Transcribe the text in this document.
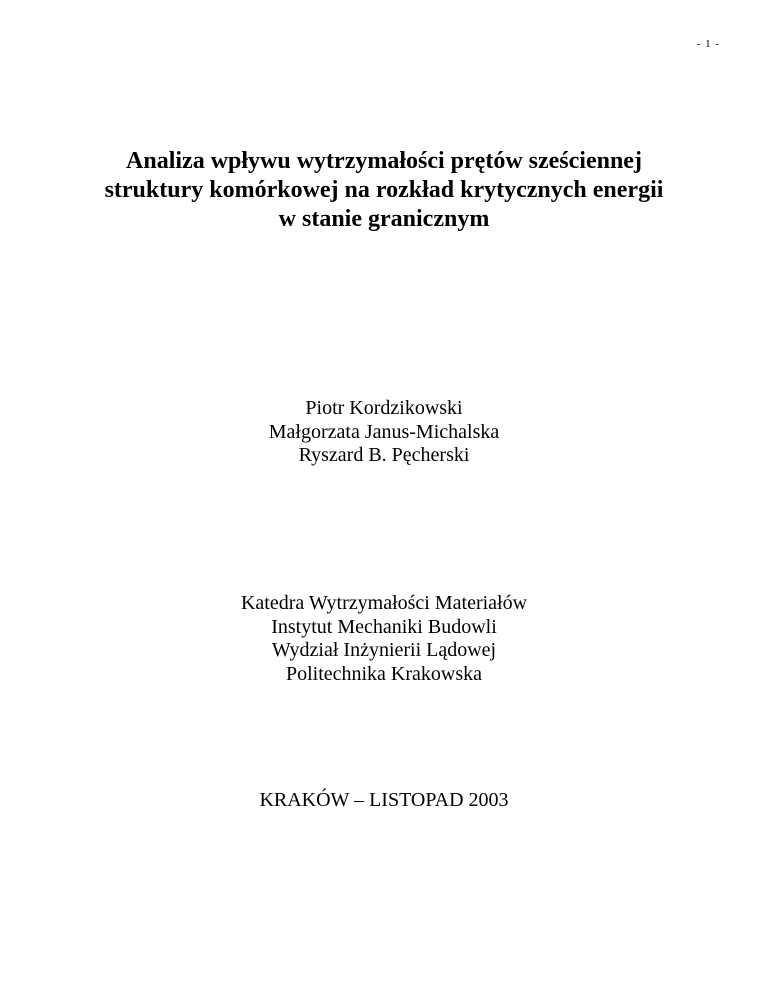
- 1 -
Analiza wpływu wytrzymałości prętów sześciennej
struktury komórkowej na rozkład krytycznych energii
w stanie granicznym
Piotr Kordzikowski
Małgorzata Janus-Michalska
Ryszard B. Pęcherski
Katedra Wytrzymałości Materiałów
Instytut Mechaniki Budowli
Wydział Inżynierii Lądowej
Politechnika Krakowska
KRAKÓW – LISTOPAD 2003
